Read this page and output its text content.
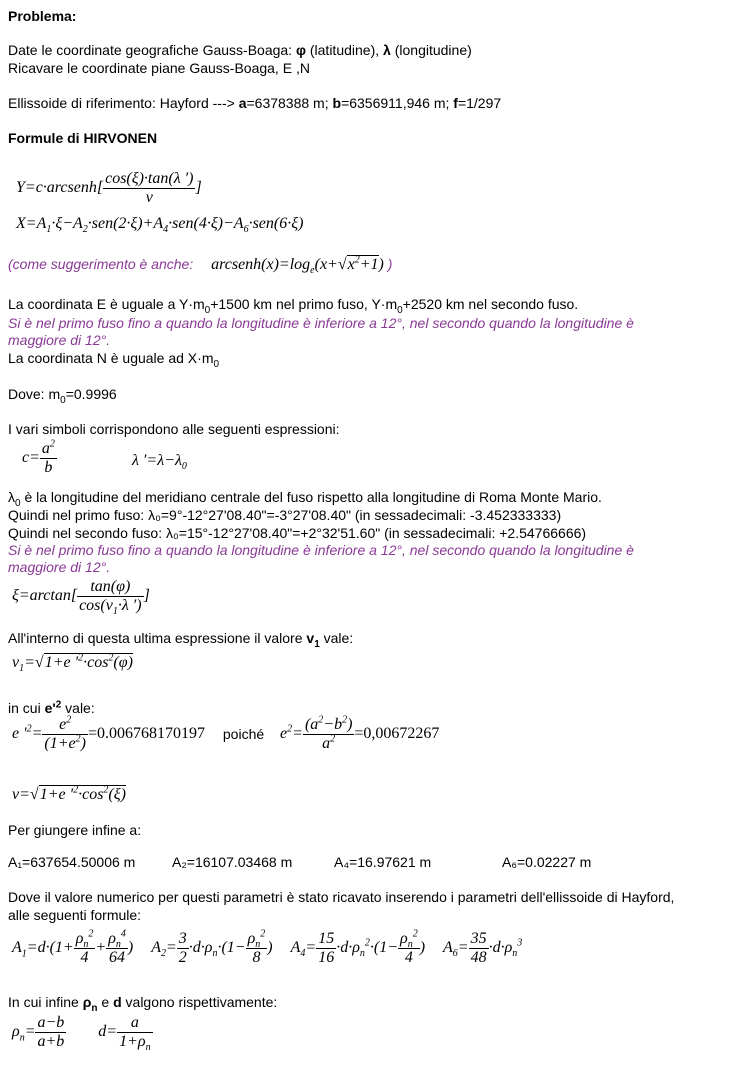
Problema:
Date le coordinate geografiche Gauss-Boaga: φ (latitudine), λ (longitudine)
Ricavare le coordinate piane Gauss-Boaga, E ,N
Ellissoide di riferimento: Hayford ---> a=6378388 m; b=6356911,946 m; f=1/297
Formule di HIRVONEN
Y=c·arcsenh[ $\frac{\cos(\xi)\cdot\tan(\lambda ')}{\nu}$ ]
$X=A_1\cdot\xi-A_2\cdot sen(2\cdot\xi)+A_4\cdot sen(4\cdot\xi)-A_6\cdot sen(6\cdot\xi)$
(come suggerimento è anche: $arcsenh(x)=\log_e(x+√x^2+1)$ )
La coordinata E è uguale a $Y\cdot m_0+1500$ km nel primo fuso, $Y\cdot m_0+2520$ km nel secondo fuso.
Si è nel primo fuso fino a quando la longitudine è inferiore a 12°, nel secondo quando la longitudine è
maggiore di 12°.
La coordinata N è uguale ad $X\cdot m_0$
Dove: $m_0=0.9996$
I vari simboli corrispondono alle seguenti espressioni:
$c= \frac{a^2}{b}$	λ $'=\lambda-\lambda_0$
$\lambda_0$ è la longitudine del meridiano centrale del fuso rispetto alla longitudine di Roma Monte Mario.
Quindi nel primo fuso: λ₀=9°-12°27'08.40"=-3°27'08.40" (in sessadecimali: -3.452333333)
Quindi nel secondo fuso: λ₀=15°-12°27'08.40"=+2°32'51.60" (in sessadecimali: +2.54766666)
Si è nel primo fuso fino a quando la longitudine è inferiore a 12°, nel secondo quando la longitudine è
maggiore di 12°.
$\xi=\arctan[ \frac{\tan(\varphi)}{\cos(\nu_1\cdot\lambda ')}$ ]
All'interno di questa ultima espressione il valore $v_1$ vale:
$\nu_1=√1+e$ $'^2\cdot\cos^2(\varphi)$
in cui $e'^2$ vale:
e $'^2= \frac{e^2}{(1+e^2)} =0.006768170197$ poiché $e^2= \frac{(a^2-b^2)}{a^2} =0,00672267$
ν=√1+e $'^2\cdot\cos^2(\xi)$
Per giungere infine a:
A₁=637654.50006 m	A₂=16107.03468 m	A₄=16.97621 m	A₆=0.02227 m
Dove il valore numerico per questi parametri è stato ricavato inserendo i parametri dell'ellissoide di Hayford,
alle seguenti formule:
$A_1=d\cdot(1+ \frac{\rho_n^2}{4} + \frac{\rho_n^4}{64}$ ) $A_2= \frac{3}{2} \cdot d\cdot\rho_n\cdot(1- \frac{\rho_n^2}{8}$ ) $A_4= \frac{15}{16} \cdot d\cdot\rho_n^2\cdot(1- \frac{\rho_n^2}{4}$ ) $A_6= \frac{35}{48} \cdot d\cdot\rho_n^3$
In cui infine $\rho_n$ e d valgono rispettivamente:
$\rho_n= \frac{a-b}{a+b} d= \frac{a}{1+\rho_n}$
